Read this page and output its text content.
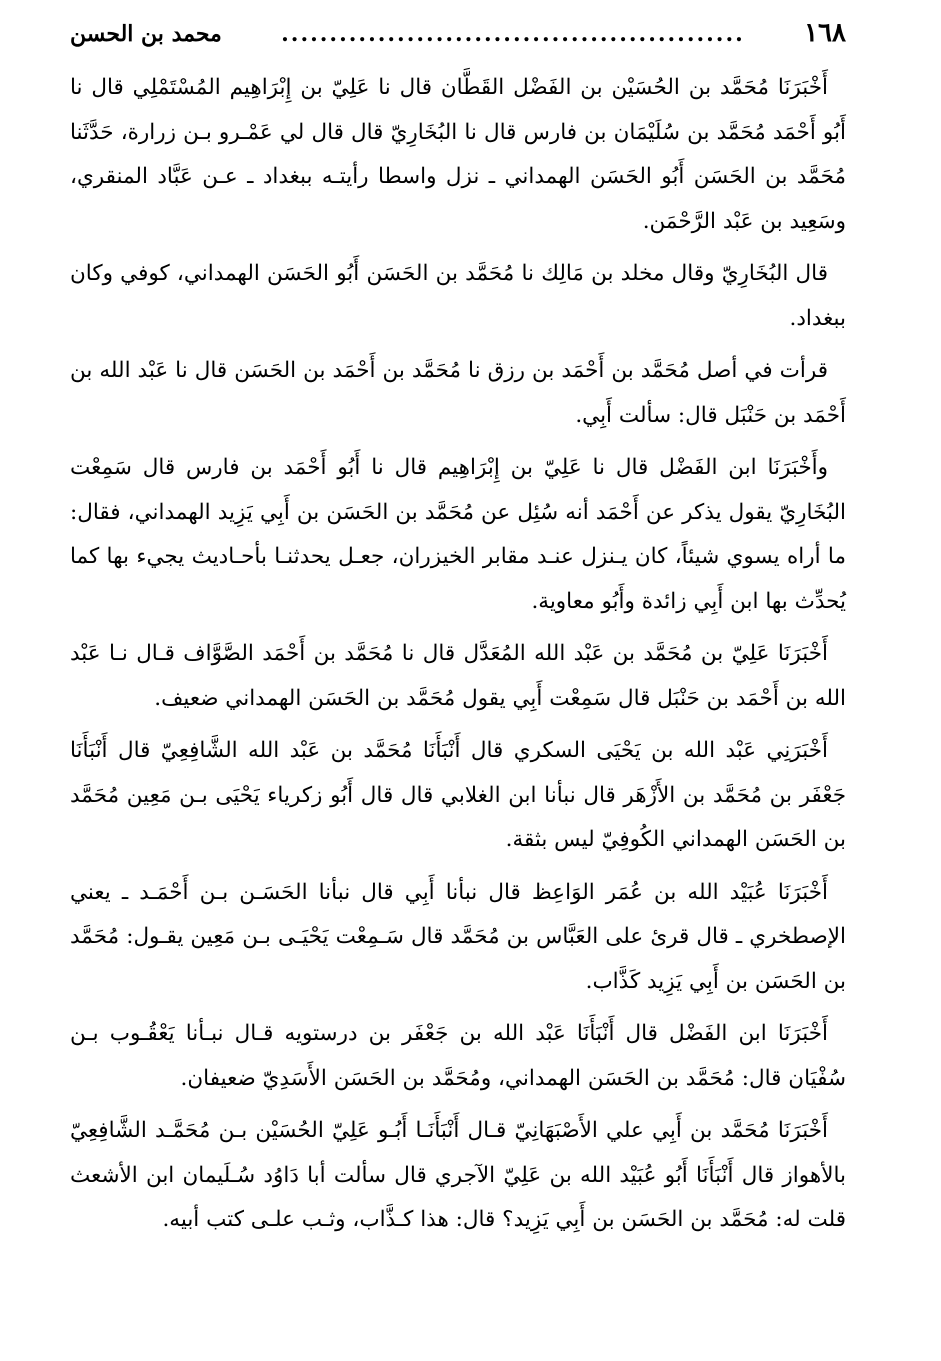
١٦٨
................................................
محمد بن الحسن

أَخْبَرَنَا مُحَمَّد بن الحُسَيْن بن الفَضْل القَطَّان قال نا عَلِيّ بن إِبْرَاهِيم المُسْتَمْلِي قال نا أَبُو أَحْمَد مُحَمَّد بن سُلَيْمَان بن فارس قال نا البُخَارِيّ قال قال لي عَمْـرو بـن زرارة، حَدَّثَنا مُحَمَّد بن الحَسَن أَبُو الحَسَن الهمداني ـ نزل واسطا رأيتـه ببغداد ـ عـن عَبَّاد المنقري، وسَعِيد بن عَبْد الرَّحْمَن.

قال البُخَارِيّ وقال مخلد بن مَالِك نا مُحَمَّد بن الحَسَن أَبُو الحَسَن الهمداني، كوفي وكان ببغداد.

قرأت في أصل مُحَمَّد بن أَحْمَد بن رزق نا مُحَمَّد بن أَحْمَد بن الحَسَن قال نا عَبْد الله بن أَحْمَد بن حَنْبَل قال: سألت أَبِي.

وأَخْبَرَنَا ابن الفَضْل قال نا عَلِيّ بن إِبْرَاهِيم قال نا أَبُو أَحْمَد بن فارس قال سَمِعْت البُخَارِيّ يقول يذكر عن أَحْمَد أنه سُئِل عن مُحَمَّد بن الحَسَن بن أَبِي يَزِيد الهمداني، فقال: ما أراه يسوي شيئاً، كان يـنزل عنـد مقابر الخيزران، جعـل يحدثنـا بأحـاديث يجيء بها كما يُحدِّث بها ابن أَبِي زائدة وأَبُو معاوية.

أَخْبَرَنَا عَلِيّ بن مُحَمَّد بن عَبْد الله المُعَدَّل قال نا مُحَمَّد بن أَحْمَد الصَّوَّاف قـال نـا عَبْد الله بن أَحْمَد بن حَنْبَل قال سَمِعْت أَبِي يقول مُحَمَّد بن الحَسَن الهمداني ضعيف.

أَخْبَرَنِي عَبْد الله بن يَحْيَى السكري قال أَنْبَأَنَا مُحَمَّد بن عَبْد الله الشَّافِعِيّ قال أَنْبَأَنَا جَعْفَر بن مُحَمَّد بن الأَزْهَر قال نبأنا ابن الغلابي قال قال أَبُو زكرياء يَحْيَى بـن مَعِين مُحَمَّد بن الحَسَن الهمداني الكُوفِيّ ليس بثقة.

أَخْبَرَنَا عُبَيْد الله بن عُمَر الوَاعِظ قال نبأنا أَبِي قال نبأنا الحَسَـن بـن أَحْمَـد ـ يعني الإصطخري ـ قال قرئ على العَبَّاس بن مُحَمَّد قال سَـمِعْت يَحْيَـى بـن مَعِين يقـول: مُحَمَّد بن الحَسَن بن أَبِي يَزِيد كَذَّاب.

أَخْبَرَنَا ابن الفَضْل قال أَنْبَأَنَا عَبْد الله بن جَعْفَر بن درستويه قـال نبـأنا يَعْقُـوب بـن سُفْيَان قال: مُحَمَّد بن الحَسَن الهمداني، ومُحَمَّد بن الحَسَن الأَسَدِيّ ضعيفان.

أَخْبَرَنَا مُحَمَّد بن أَبِي علي الأَصْبَهَانِيّ قـال أَنْبَأَنَـا أَبُـو عَلِيّ الحُسَيْن بـن مُحَمَّـد الشَّافِعِيّ بالأهواز قال أَنْبَأَنَا أَبُو عُبَيْد الله بن عَلِيّ الآجري قال سألت أبا دَاوُد سُـلَيمان ابن الأشعث قلت له: مُحَمَّد بن الحَسَن بن أَبِي يَزِيد؟ قال: هذا كـذَّاب، وثـب علـى كتب أبيه.
